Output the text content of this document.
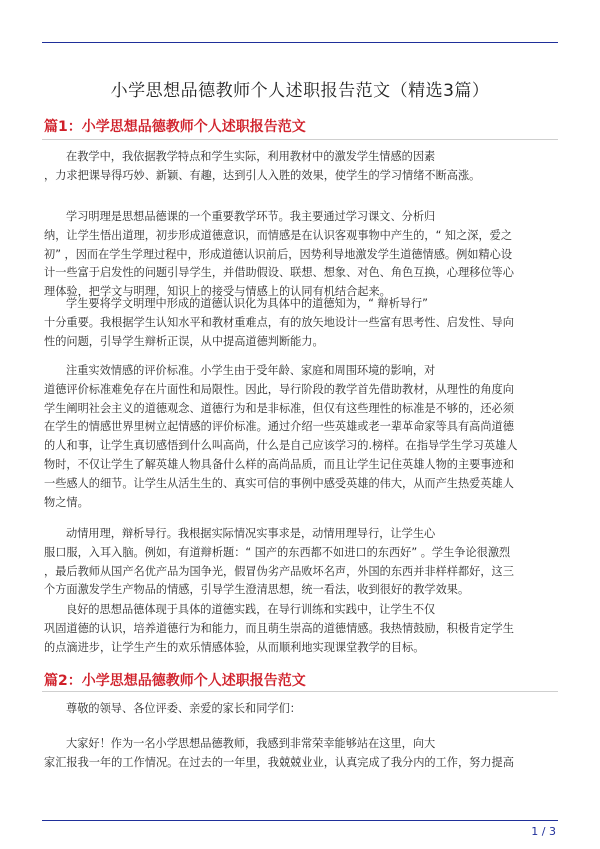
小学思想品德教师个人述职报告范文（精选3篇）
篇1：小学思想品德教师个人述职报告范文
在教学中，我依据教学特点和学生实际，利用教材中的激发学生情感的因素
，力求把课导得巧妙、新颖、有趣，达到引人入胜的效果，使学生的学习情绪不断高涨。
学习明理是思想品德课的一个重要教学环节。我主要通过学习课文、分析归
纳，让学生悟出道理，初步形成道德意识，而情感是在认识客观事物中产生的，“ 知之深，爱之
初” ，因而在学生学理过程中，形成道德认识前后，因势利导地激发学生道德情感。例如精心设
计一些富于启发性的问题引导学生，并借助假设、联想、想象、对色、角色互换，心理移位等心
理体验，把学文与明理，知识上的接受与情感上的认同有机结合起来。
学生要将学文明理中形成的道德认识化为具体中的道德知为，“ 辩析导行”
十分重要。我根据学生认知水平和教材重难点，有的放矢地设计一些富有思考性、启发性、导向
性的问题，引导学生辩析正误，从中提高道德判断能力。
注重实效情感的评价标准。小学生由于受年龄、家庭和周围环境的影响，对
道德评价标准难免存在片面性和局限性。因此，导行阶段的教学首先借助教材，从理性的角度向
学生阐明社会主义的道德观念、道德行为和是非标准，但仅有这些理性的标准是不够的，还必须
在学生的情感世界里树立起情感的评价标准。通过介绍一些英雄或老一辈革命家等具有高尚道德
的人和事，让学生真切感悟到什么叫高尚，什么是自己应该学习的.榜样。在指导学生学习英雄人
物时，不仅让学生了解英雄人物具备什么样的高尚品质，而且让学生记住英雄人物的主要事迹和
一些感人的细节。让学生从活生生的、真实可信的事例中感受英雄的伟大，从而产生热爱英雄人
物之情。
动情用理，辩析导行。我根据实际情况实事求是，动情用理导行，让学生心
服口服，入耳入脑。例如，有道辩析题：“ 国产的东西都不如进口的东西好” 。学生争论很激烈
，最后教师从国产名优产品为国争光，假冒伪劣产品败坏名声，外国的东西并非样样都好，这三
个方面激发学生产物品的情感，引导学生澄清思想，统一看法，收到很好的教学效果。
良好的思想品德体现于具体的道德实践，在导行训练和实践中，让学生不仅
巩固道德的认识，培养道德行为和能力，而且萌生崇高的道德情感。我热情鼓励，积极肯定学生
的点滴进步，让学生产生的欢乐情感体验，从而顺利地实现课堂教学的目标。
篇2：小学思想品德教师个人述职报告范文
尊敬的领导、各位评委、亲爱的家长和同学们：
大家好！作为一名小学思想品德教师，我感到非常荣幸能够站在这里，向大
家汇报我一年的工作情况。在过去的一年里，我兢兢业业，认真完成了我分内的工作，努力提高
1 / 3
